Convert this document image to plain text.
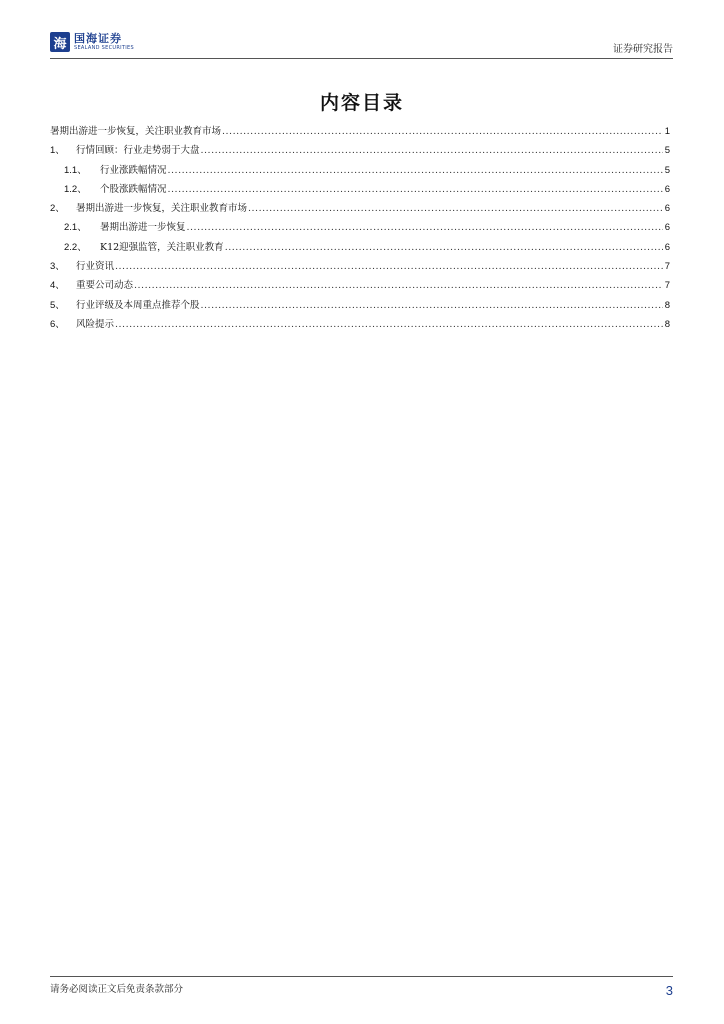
海 国海证券
SEALAND SECURITIES	证券研究报告
内容目录
暑期出游进一步恢复，关注职业教育市场 .....	1
1、 行情回顾：行业走势弱于大盘 .....	5
1.1、 行业涨跌幅情况 .....	5
1.2、 个股涨跌幅情况 .....	6
2、 暑期出游进一步恢复，关注职业教育市场 .....	6
2.1、 暑期出游进一步恢复 .....	6
2.2、 K12迎强监管，关注职业教育 .....	6
3、 行业资讯 .....	7
4、 重要公司动态 .....	7
5、 行业评级及本周重点推荐个股 .....	8
6、 风险提示 .....	8
请务必阅读正文后免责条款部分	3
